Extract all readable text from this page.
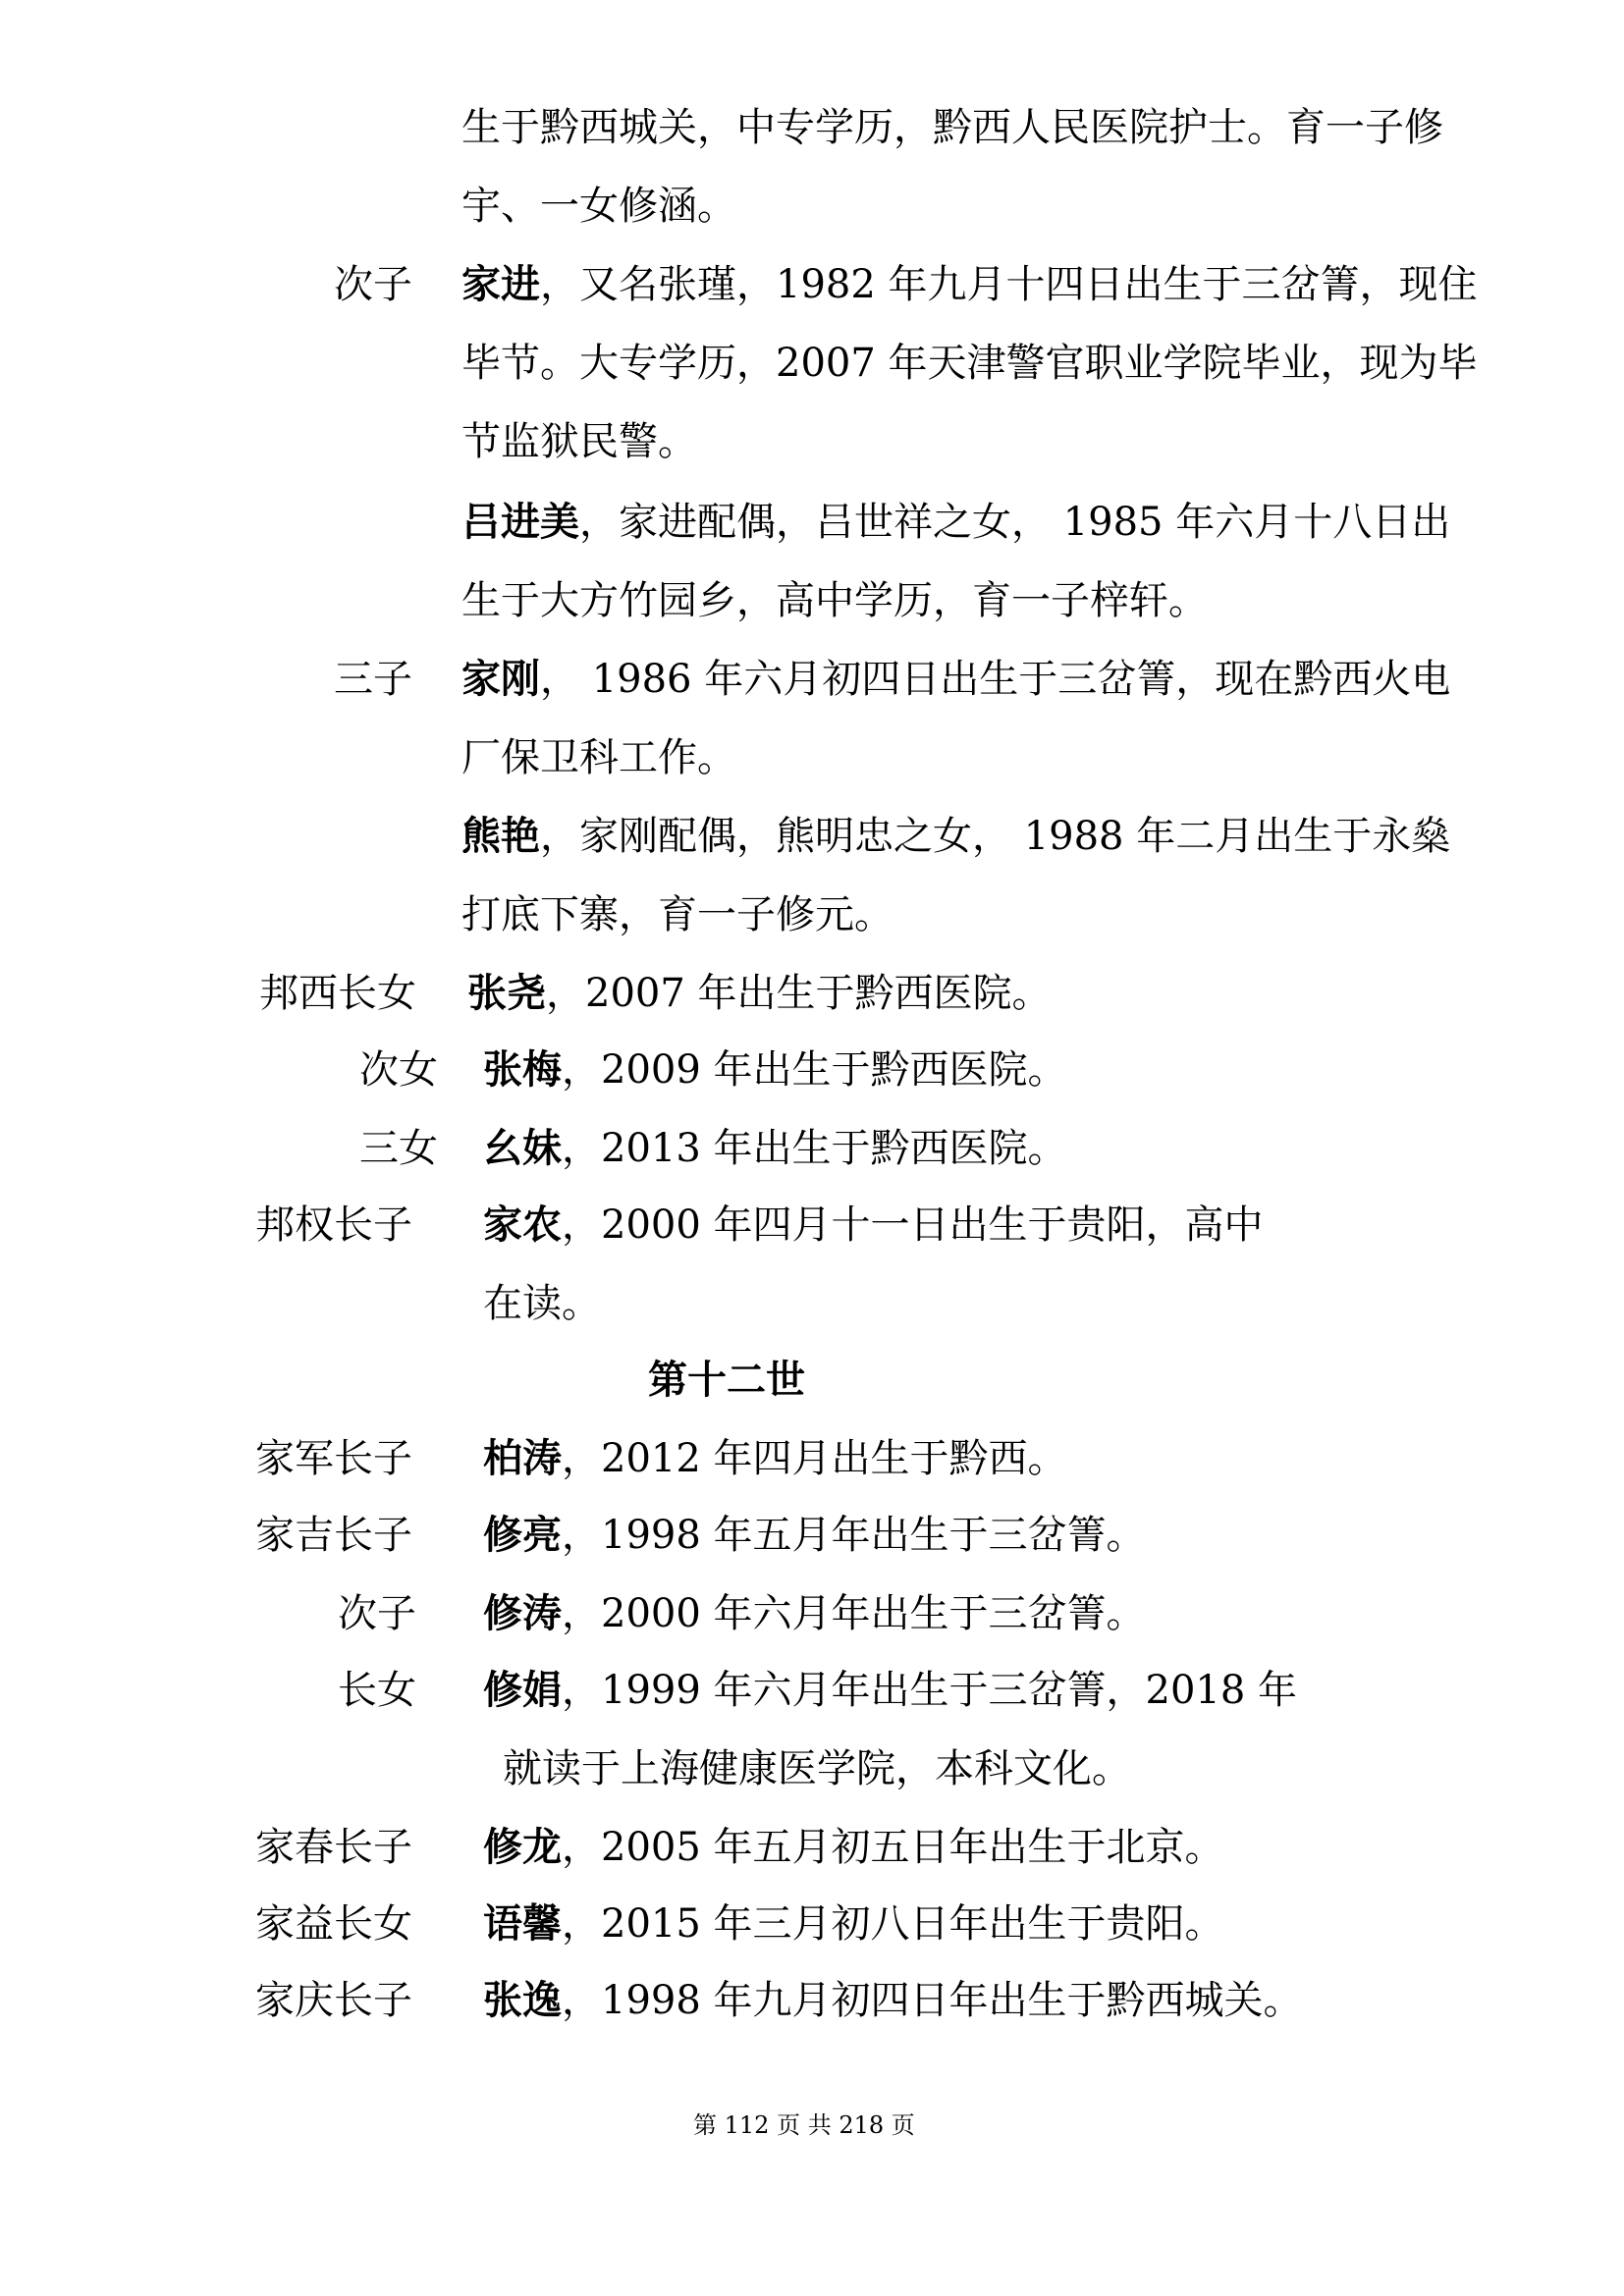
生于黔西城关，中专学历，黔西人民医院护士。育一子修
宇、一女修涵。
次子 家进，又名张瑾，1982 年九月十四日出生于三岔箐，现住
毕节。大专学历，2007 年天津警官职业学院毕业，现为毕
节监狱民警。
吕进美，家进配偶，吕世祥之女， 1985 年六月十八日出
生于大方竹园乡，高中学历，育一子梓轩。
三子 家刚， 1986 年六月初四日出生于三岔箐，现在黔西火电
厂保卫科工作。
熊艳，家刚配偶，熊明忠之女， 1988 年二月出生于永燊
打底下寨，育一子修元。
邦西长女 张尧，2007 年出生于黔西医院。
次女 张梅，2009 年出生于黔西医院。
三女 幺妹，2013 年出生于黔西医院。
邦权长子 家农，2000 年四月十一日出生于贵阳，高中
在读。
第十二世
家军长子 柏涛，2012 年四月出生于黔西。
家吉长子 修亮，1998 年五月年出生于三岔箐。
次子 修涛，2000 年六月年出生于三岔箐。
长女 修娟，1999 年六月年出生于三岔箐，2018 年
就读于上海健康医学院，本科文化。
家春长子 修龙，2005 年五月初五日年出生于北京。
家益长女 语馨，2015 年三月初八日年出生于贵阳。
家庆长子 张逸，1998 年九月初四日年出生于黔西城关。
第 112 页 共 218 页
